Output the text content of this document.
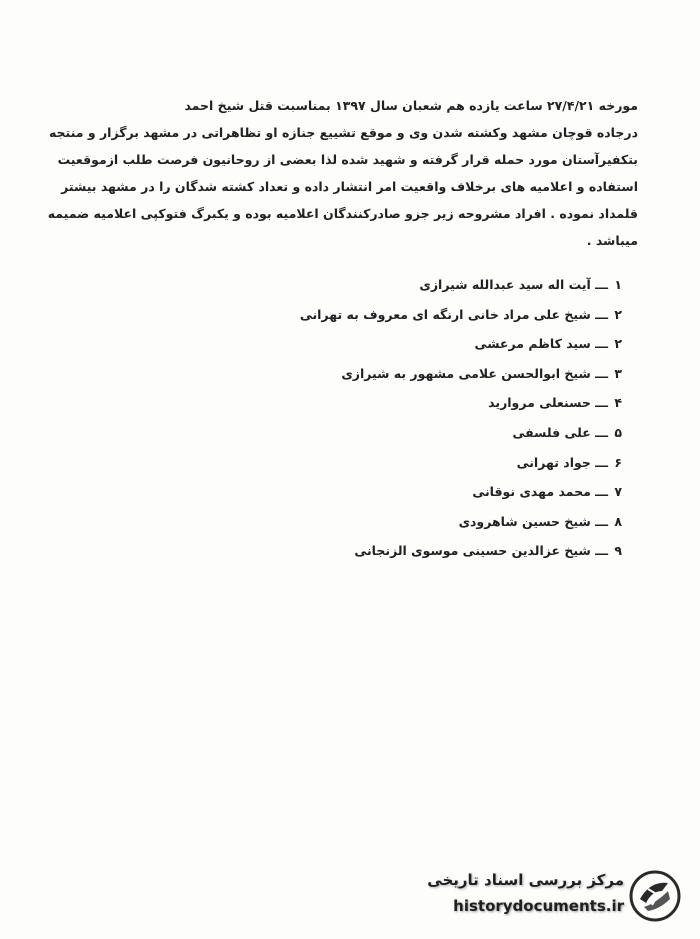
مورخه ۲۷/۴/۲۱ ساعت یازده هم شعبان سال ۱۳۹۷ بمناسبت قتل شیخ احمد
درجاده قوچان مشهد وکشته شدن وی و موقع تشییع جنازه او تظاهراتی در مشهد برگزار و منتجه
بتکفیرآستان مورد حمله قرار گرفته و شهید شده لذا بعضی از روحانیون فرصت طلب ازموقعیت
استفاده و اعلامیه های برخلاف واقعیت امر انتشار داده و تعداد کشته شدگان را در مشهد بیشتر
قلمداد نموده . افراد مشروحه زیر جزو صادرکنندگان اعلامیه بوده و یکبرگ فتوکپی اعلامیه ضمیمه
میباشد .
۱ ـــ آیت اله سید عبدالله شیرازی
۲ ـــ شیخ علی مراد خانی ارنگه ای معروف به تهرانی
۲ ـــ سید کاظم مرعشی
۳ ـــ شیخ ابوالحسن علامی مشهور به شیرازی
۴ ـــ حسنعلی مروارید
۵ ـــ علی فلسفی
۶ ـــ جواد تهرانی
۷ ـــ محمد مهدی نوقانی
۸ ـــ شیخ حسین شاهرودی
۹ ـــ شیخ عزالدین حسینی موسوی الزنجانی
مرکز بررسی اسناد تاریخی
historydocuments.ir
